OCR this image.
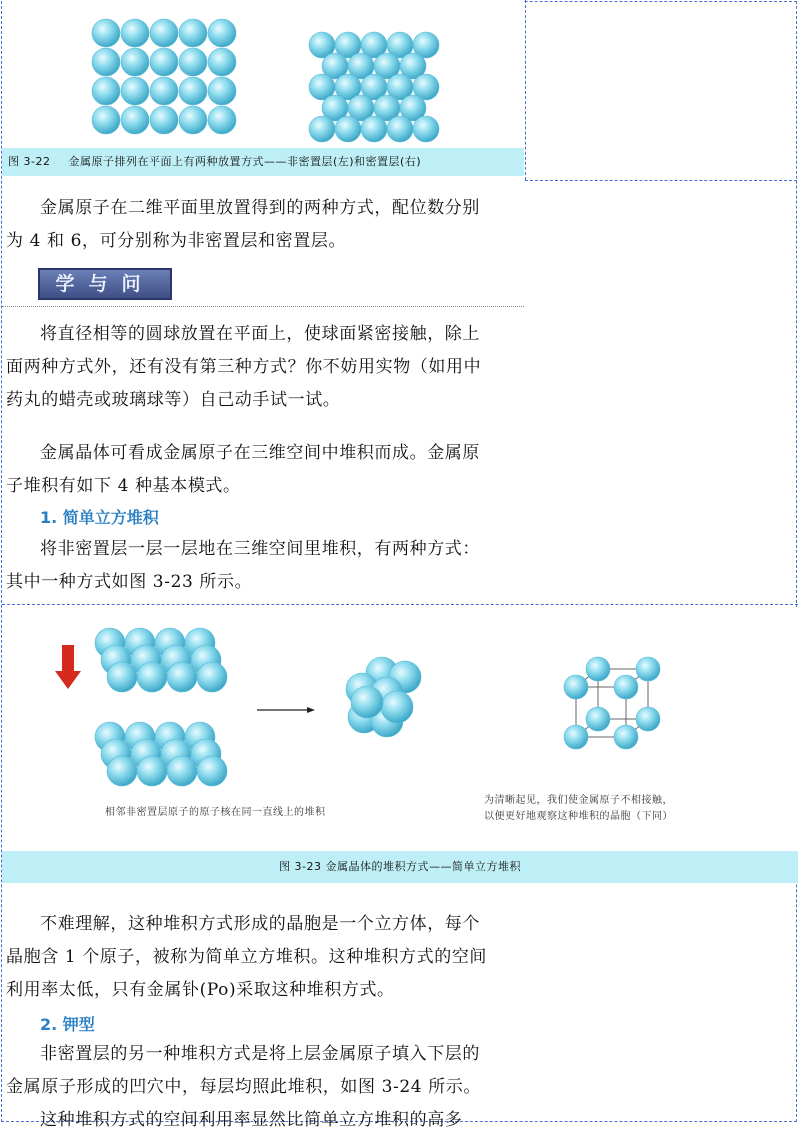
图 3-22 金属原子排列在平面上有两种放置方式——非密置层(左)和密置层(右)
金属原子在二维平面里放置得到的两种方式，配位数分别
为 4 和 6，可分别称为非密置层和密置层。
学与问
将直径相等的圆球放置在平面上，使球面紧密接触，除上
面两种方式外，还有没有第三种方式？你不妨用实物（如用中
药丸的蜡壳或玻璃球等）自己动手试一试。
金属晶体可看成金属原子在三维空间中堆积而成。金属原
子堆积有如下 4 种基本模式。
1. 简单立方堆积
将非密置层一层一层地在三维空间里堆积，有两种方式：
其中一种方式如图 3-23 所示。
相邻非密置层原子的原子核在同一直线上的堆积
为清晰起见，我们使金属原子不相接触，
以便更好地观察这种堆积的晶胞（下同）
图 3-23 金属晶体的堆积方式——简单立方堆积
不难理解，这种堆积方式形成的晶胞是一个立方体，每个
晶胞含 1 个原子，被称为简单立方堆积。这种堆积方式的空间
利用率太低，只有金属钋(Po)采取这种堆积方式。
2. 钾型
非密置层的另一种堆积方式是将上层金属原子填入下层的
金属原子形成的凹穴中，每层均照此堆积，如图 3-24 所示。
这种堆积方式的空间利用率显然比简单立方堆积的高多
